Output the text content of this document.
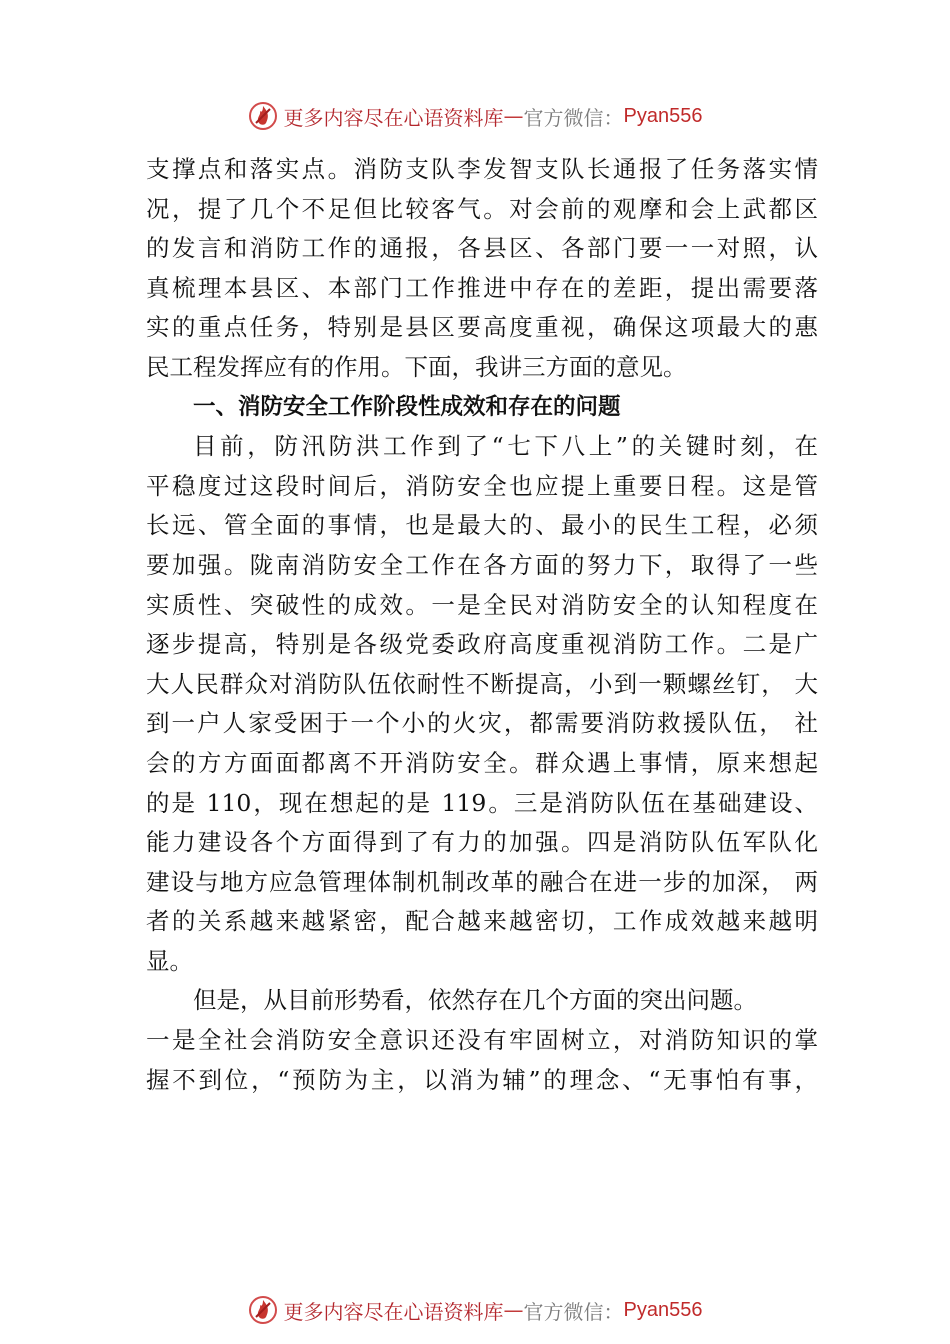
更多内容尽在心语资料库 — 官方微信： Pyan556
支撑点和落实点。消防支队李发智支队长通报了任务落实情
况，提了几个不足但比较客气。对会前的观摩和会上武都区
的发言和消防工作的通报，各县区、各部门要一一对照，认
真梳理本县区、本部门工作推进中存在的差距，提出需要落
实的重点任务，特别是县区要高度重视，确保这项最大的惠
民工程发挥应有的作用。下面，我讲三方面的意见。
一、消防安全工作阶段性成效和存在的问题
目前，防汛防洪工作到了“七下八上”的关键时刻，在
平稳度过这段时间后，消防安全也应提上重要日程。这是管
长远、管全面的事情，也是最大的、最小的民生工程，必须
要加强。陇南消防安全工作在各方面的努力下，取得了一些
实质性、突破性的成效。一是全民对消防安全的认知程度在
逐步提高，特别是各级党委政府高度重视消防工作。二是广
大人民群众对消防队伍依耐性不断提高，小到一颗螺丝钉， 大
到一户人家受困于一个小的火灾，都需要消防救援队伍， 社
会的方方面面都离不开消防安全。群众遇上事情，原来想起
的是 110，现在想起的是 119。三是消防队伍在基础建设、
能力建设各个方面得到了有力的加强。四是消防队伍军队化
建设与地方应急管理体制机制改革的融合在进一步的加深， 两
者的关系越来越紧密，配合越来越密切，工作成效越来越明
显。
但是，从目前形势看，依然存在几个方面的突出问题。
一是全社会消防安全意识还没有牢固树立，对消防知识的掌
握不到位，“预防为主，以消为辅”的理念、“无事怕有事，
更多内容尽在心语资料库 — 官方微信： Pyan556
